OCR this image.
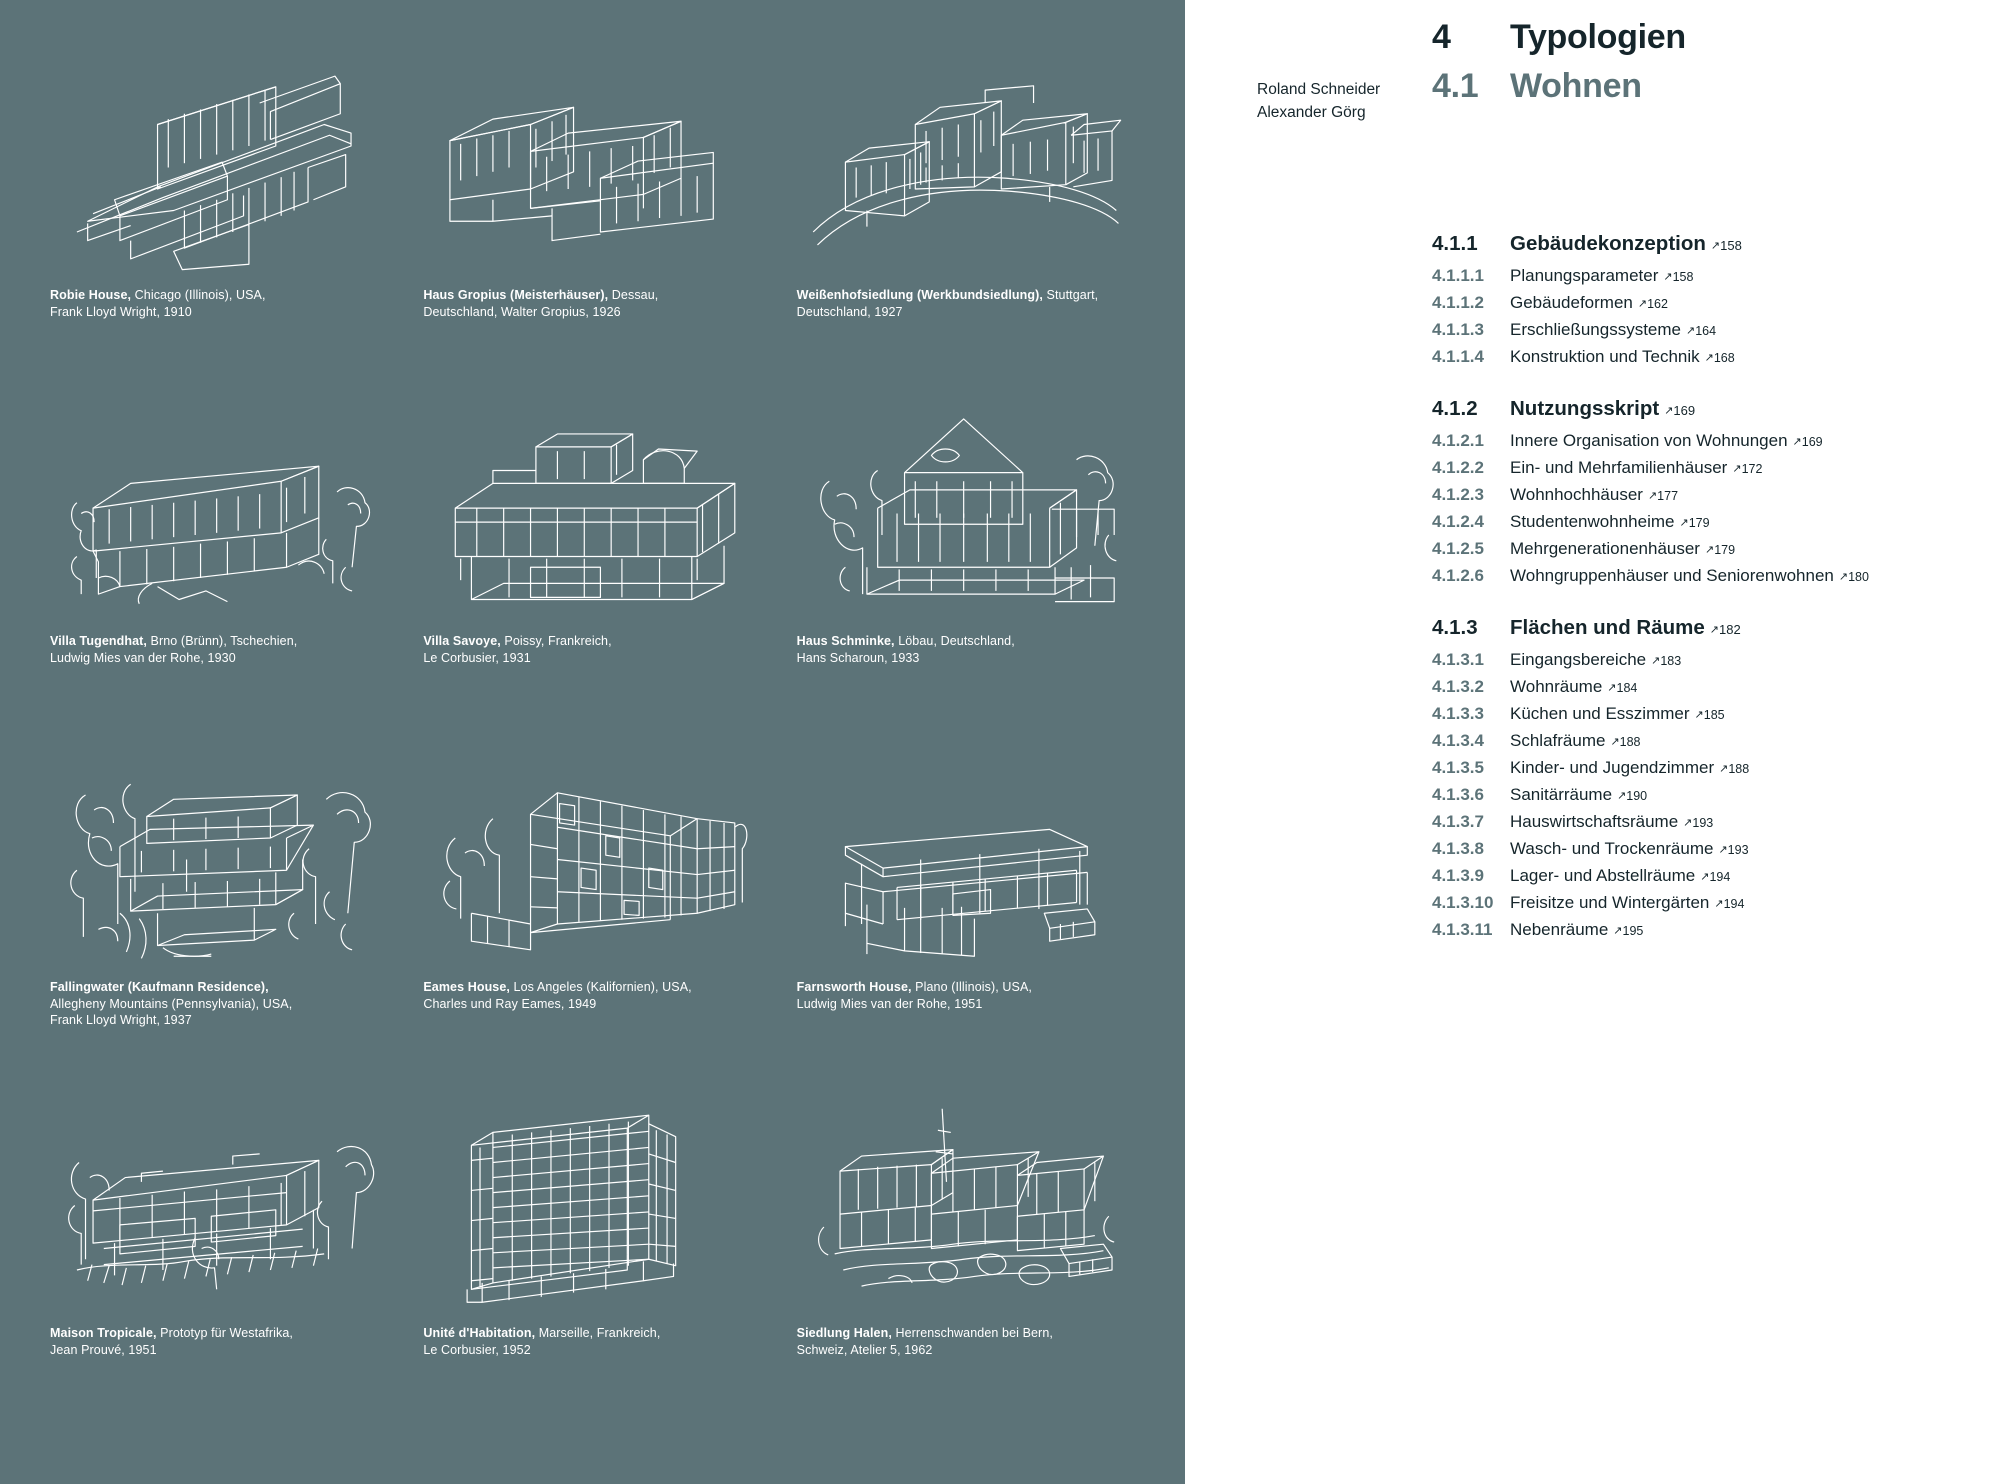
Robie House, Chicago (Illinois), USA,
Frank Lloyd Wright, 1910
Haus Gropius (Meisterhäuser), Dessau,
Deutschland, Walter Gropius, 1926
Weißenhofsiedlung (Werkbundsiedlung), Stuttgart,
Deutschland, 1927
Villa Tugendhat, Brno (Brünn), Tschechien,
Ludwig Mies van der Rohe, 1930
Villa Savoye, Poissy, Frankreich,
Le Corbusier, 1931
Haus Schminke, Löbau, Deutschland,
Hans Scharoun, 1933
Fallingwater (Kaufmann Residence),
Allegheny Mountains (Pennsylvania), USA,
Frank Lloyd Wright, 1937
Eames House, Los Angeles (Kalifornien), USA,
Charles und Ray Eames, 1949
Farnsworth House, Plano (Illinois), USA,
Ludwig Mies van der Rohe, 1951
Maison Tropicale, Prototyp für Westafrika,
Jean Prouvé, 1951
Unité d'Habitation, Marseille, Frankreich,
Le Corbusier, 1952
Siedlung Halen, Herrenschwanden bei Bern,
Schweiz, Atelier 5, 1962
Roland Schneider
Alexander Görg
4	Typologien
4.1 Wohnen
4.1.1	Gebäudekonzeption ↗158
4.1.1.1	Planungsparameter ↗158
4.1.1.2	Gebäudeformen ↗162
4.1.1.3	Erschließungssysteme ↗164
4.1.1.4	Konstruktion und Technik ↗168
4.1.2	Nutzungsskript ↗169
4.1.2.1	Innere Organisation von Wohnungen ↗169
4.1.2.2	Ein- und Mehrfamilienhäuser ↗172
4.1.2.3	Wohnhochhäuser ↗177
4.1.2.4	Studentenwohnheime ↗179
4.1.2.5	Mehrgenerationenhäuser ↗179
4.1.2.6	Wohngruppenhäuser und Seniorenwohnen ↗180
4.1.3	Flächen und Räume ↗182
4.1.3.1	Eingangsbereiche ↗183
4.1.3.2	Wohnräume ↗184
4.1.3.3	Küchen und Esszimmer ↗185
4.1.3.4	Schlafräume ↗188
4.1.3.5	Kinder- und Jugendzimmer ↗188
4.1.3.6	Sanitärräume ↗190
4.1.3.7	Hauswirtschaftsräume ↗193
4.1.3.8	Wasch- und Trockenräume ↗193
4.1.3.9	Lager- und Abstellräume ↗194
4.1.3.10 Freisitze und Wintergärten ↗194
4.1.3.11	Nebenräume ↗195
